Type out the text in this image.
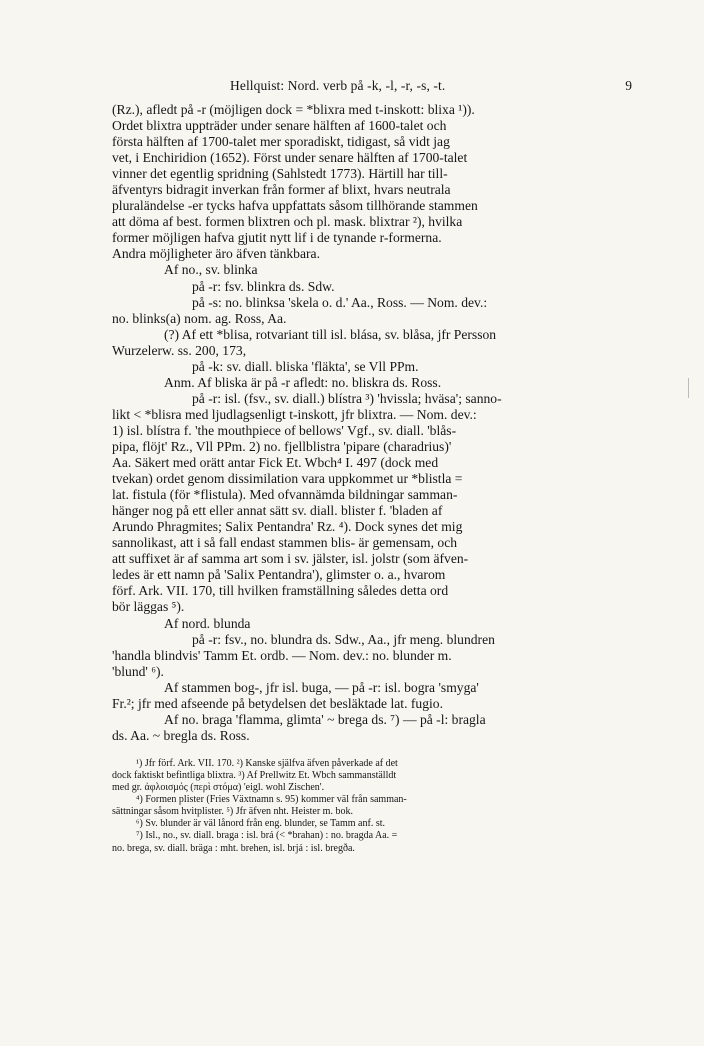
Hellquist: Nord. verb på -k, -l, -r, -s, -t.	9
(Rz.), afledt på -r (möjligen dock = *blixra med t-inskott: blixa ¹)).
Ordet blixtra uppträder under senare hälften af 1600-talet och
första hälften af 1700-talet mer sporadiskt, tidigast, så vidt jag
vet, i Enchiridion (1652). Först under senare hälften af 1700-talet
vinner det egentlig spridning (Sahlstedt 1773). Härtill har till-
äfventyrs bidragit inverkan från former af blixt, hvars neutrala
pluraländelse -er tycks hafva uppfattats såsom tillhörande stammen
att döma af best. formen blixtren och pl. mask. blixtrar ²), hvilka
former möjligen hafva gjutit nytt lif i de tynande r-formerna.
Andra möjligheter äro äfven tänkbara.
Af no., sv. blinka
på -r: fsv. blinkra ds. Sdw.
på -s: no. blinksa 'skela o. d.' Aa., Ross. — Nom. dev.:
no. blinks(a) nom. ag. Ross, Aa.
(?) Af ett *blisa, rotvariant till isl. blása, sv. blåsa, jfr Persson
Wurzelerw. ss. 200, 173,
på -k: sv. diall. bliska 'fläkta', se Vll PPm.
Anm. Af bliska är på -r afledt: no. bliskra ds. Ross.
på -r: isl. (fsv., sv. diall.) blístra ³) 'hvissla; hväsa'; sanno-
likt < *blisra med ljudlagsenligt t-inskott, jfr blixtra. — Nom. dev.:
1) isl. blístra f. 'the mouthpiece of bellows' Vgf., sv. diall. 'blås-
pipa, flöjt' Rz., Vll PPm. 2) no. fjellblistra 'pipare (charadrius)'
Aa. Säkert med orätt antar Fick Et. Wbch⁴ I. 497 (dock med
tvekan) ordet genom dissimilation vara uppkommet ur *blistla =
lat. fistula (för *flistula). Med ofvannämda bildningar samman-
hänger nog på ett eller annat sätt sv. diall. blister f. 'bladen af
Arundo Phragmites; Salix Pentandra' Rz. ⁴). Dock synes det mig
sannolikast, att i så fall endast stammen blis- är gemensam, och
att suffixet är af samma art som i sv. jälster, isl. jolstr (som äfven-
ledes är ett namn på 'Salix Pentandra'), glimster o. a., hvarom
förf. Ark. VII. 170, till hvilken framställning således detta ord
bör läggas ⁵).
Af nord. blunda
på -r: fsv., no. blundra ds. Sdw., Aa., jfr meng. blundren
'handla blindvis' Tamm Et. ordb. — Nom. dev.: no. blunder m.
'blund' ⁶).
Af stammen bog-, jfr isl. buga, — på -r: isl. bogra 'smyga'
Fr.²; jfr med afseende på betydelsen det besläktade lat. fugio.
Af no. braga 'flamma, glimta' ~ brega ds. ⁷) — på -l: bragla
ds. Aa. ~ bregla ds. Ross.
¹) Jfr förf. Ark. VII. 170. ²) Kanske själfva äfven påverkade af det
dock faktiskt befintliga blixtra. ³) Af Prellwitz Et. Wbch sammanställdt
med gr. ἀφλοισμός (περὶ στόμα) 'eigl. wohl Zischen'.
⁴) Formen plister (Fries Växtnamn s. 95) kommer väl från samman-
sättningar såsom hvitplister. ⁵) Jfr äfven nht. Heister m. bok.
⁶) Sv. blunder är väl lånord från eng. blunder, se Tamm anf. st.
⁷) Isl., no., sv. diall. braga : isl. brá (< *brahan) : no. bragda Aa. =
no. brega, sv. diall. bräga : mht. brehen, isl. brjá : isl. bregða.
